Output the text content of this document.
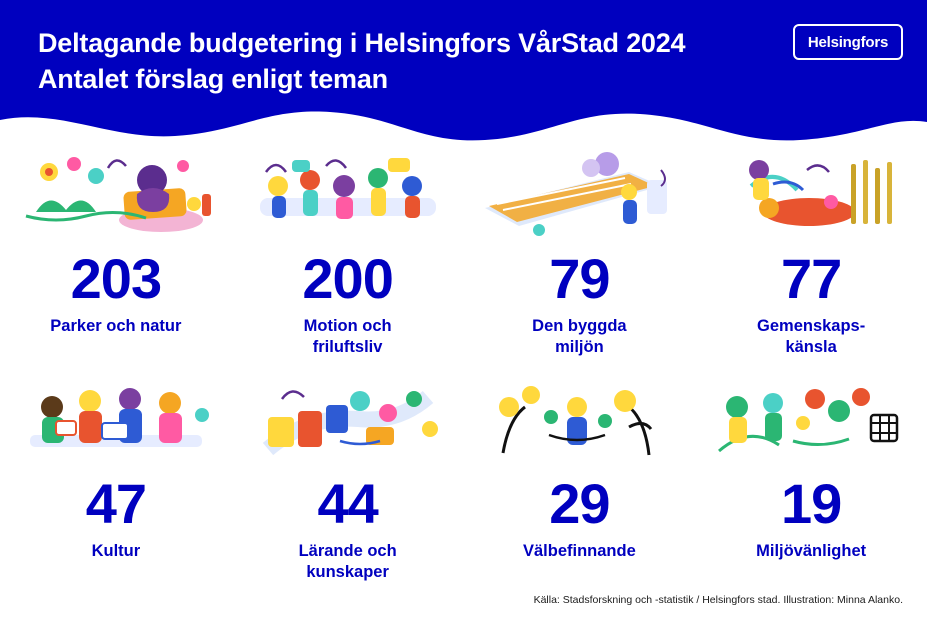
Deltagande budgetering i Helsingfors VårStad 2024
Antalet förslag enligt teman
Helsingfors
203
Parker och natur
200
Motion och
friluftsliv
79
Den byggda
miljön
77
Gemenskaps-
känsla
47
Kultur
44
Lärande och
kunskaper
29
Välbefinnande
19
Miljövänlighet
Källa: Stadsforskning och -statistik / Helsingfors stad. Illustration: Minna Alanko.
